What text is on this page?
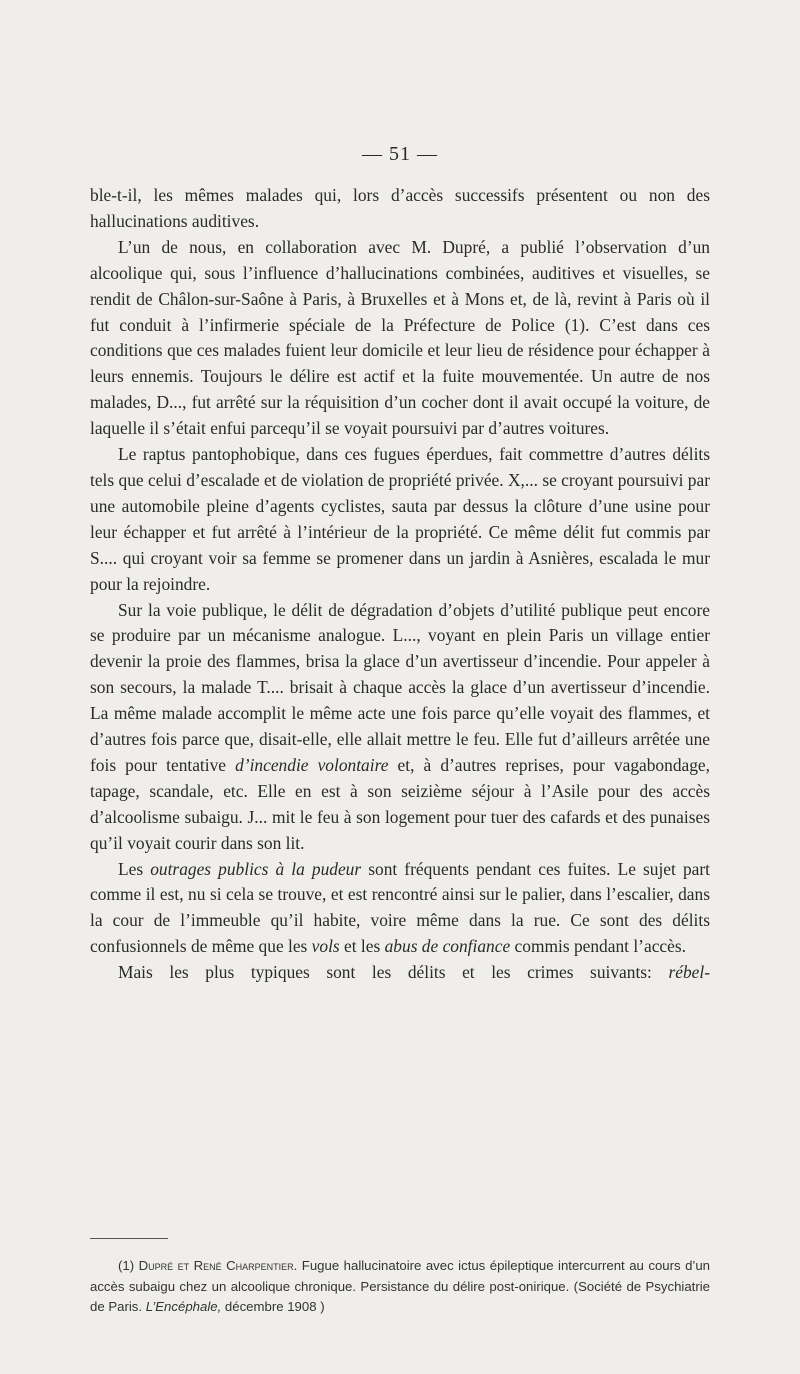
— 51 —

ble-t-il, les mêmes malades qui, lors d’accès successifs présentent ou non des hallucinations auditives.

L’un de nous, en collaboration avec M. Dupré, a publié l’observation d’un alcoolique qui, sous l’influence d’hallucinations combinées, auditives et visuelles, se rendit de Châlon-sur-Saône à Paris, à Bruxelles et à Mons et, de là, revint à Paris où il fut conduit à l’infirmerie spéciale de la Préfecture de Police (1). C’est dans ces conditions que ces malades fuient leur domicile et leur lieu de résidence pour échapper à leurs ennemis. Toujours le délire est actif et la fuite mouvementée. Un autre de nos malades, D..., fut arrêté sur la réquisition d’un cocher dont il avait occupé la voiture, de laquelle il s’était enfui parcequ’il se voyait poursuivi par d’autres voitures.

Le raptus pantophobique, dans ces fugues éperdues, fait commettre d’autres délits tels que celui d’escalade et de violation de propriété privée. X,... se croyant poursuivi par une automobile pleine d’agents cyclistes, sauta par dessus la clôture d’une usine pour leur échapper et fut arrêté à l’intérieur de la propriété. Ce même délit fut commis par S.... qui croyant voir sa femme se promener dans un jardin à Asnières, escalada le mur pour la rejoindre.

Sur la voie publique, le délit de dégradation d’objets d’utilité publique peut encore se produire par un mécanisme analogue. L..., voyant en plein Paris un village entier devenir la proie des flammes, brisa la glace d’un avertisseur d’incendie. Pour appeler à son secours, la malade T.... brisait à chaque accès la glace d’un avertisseur d’incendie. La même malade accomplit le même acte une fois parce qu’elle voyait des flammes, et d’autres fois parce que, disait-elle, elle allait mettre le feu. Elle fut d’ailleurs arrêtée une fois pour tentative d’incendie volontaire et, à d’autres reprises, pour vagabondage, tapage, scandale, etc. Elle en est à son seizième séjour à l’Asile pour des accès d’alcoolisme subaigu. J... mit le feu à son logement pour tuer des cafards et des punaises qu’il voyait courir dans son lit.

Les outrages publics à la pudeur sont fréquents pendant ces fuites. Le sujet part comme il est, nu si cela se trouve, et est rencontré ainsi sur le palier, dans l’escalier, dans la cour de l’immeuble qu’il habite, voire même dans la rue. Ce sont des délits confusionnels de même que les vols et les abus de confiance commis pendant l’accès.

Mais les plus typiques sont les délits et les crimes suivants: rébel-

(1) Dupré et René Charpentier. Fugue hallucinatoire avec ictus épileptique intercurrent au cours d’un accès subaigu chez un alcoolique chronique. Persistance du délire post-onirique. (Société de Psychiatrie de Paris. L’Encéphale, décembre 1908 )
